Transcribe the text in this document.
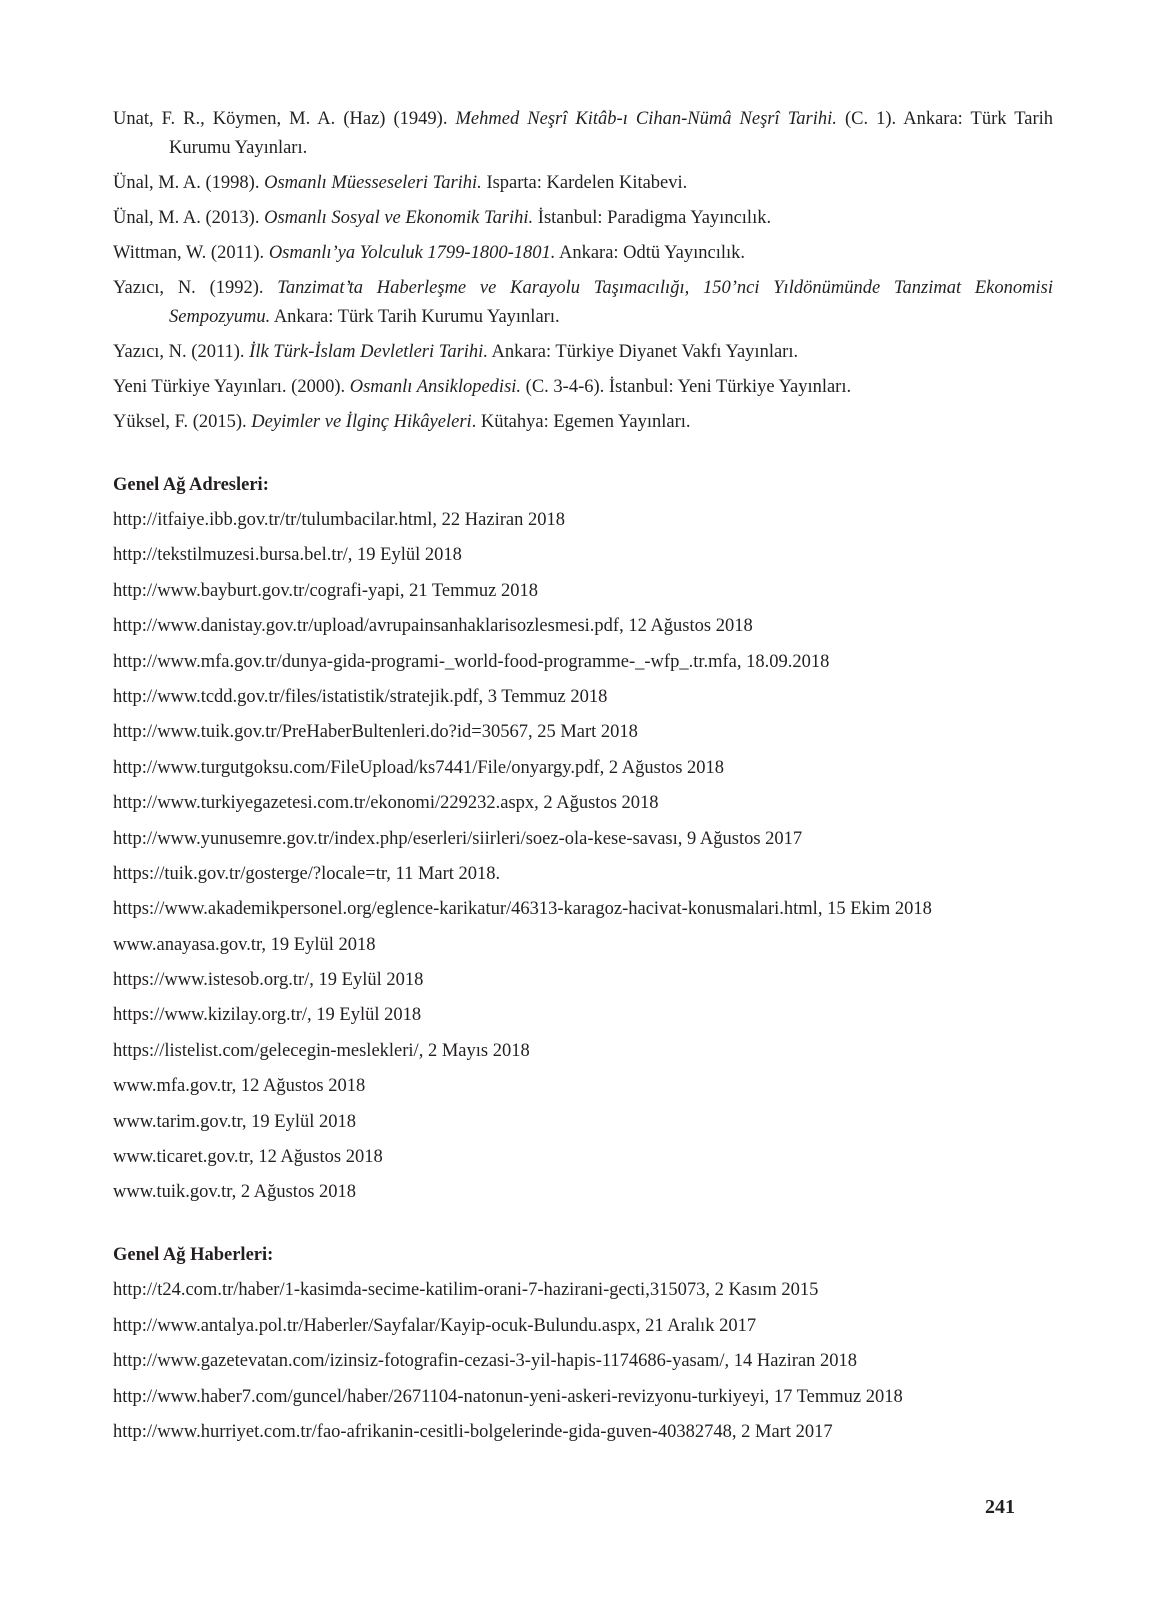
Unat, F. R., Köymen, M. A. (Haz) (1949). Mehmed Neşrî Kitâb-ı Cihan-Nümâ Neşrî Tarihi. (C. 1). Ankara: Türk Tarih Kurumu Yayınları.

Ünal, M. A. (1998). Osmanlı Müesseseleri Tarihi. Isparta: Kardelen Kitabevi.

Ünal, M. A. (2013). Osmanlı Sosyal ve Ekonomik Tarihi. İstanbul: Paradigma Yayıncılık.

Wittman, W. (2011). Osmanlı’ya Yolculuk 1799-1800-1801. Ankara: Odtü Yayıncılık.

Yazıcı, N. (1992). Tanzimat’ta Haberleşme ve Karayolu Taşımacılığı, 150’nci Yıldönümünde Tanzimat Ekonomisi Sempozyumu. Ankara: Türk Tarih Kurumu Yayınları.

Yazıcı, N. (2011). İlk Türk-İslam Devletleri Tarihi. Ankara: Türkiye Diyanet Vakfı Yayınları.

Yeni Türkiye Yayınları. (2000). Osmanlı Ansiklopedisi. (C. 3-4-6). İstanbul: Yeni Türkiye Yayınları.

Yüksel, F. (2015). Deyimler ve İlginç Hikâyeleri. Kütahya: Egemen Yayınları.

Genel Ağ Adresleri:
http://itfaiye.ibb.gov.tr/tr/tulumbacilar.html, 22 Haziran 2018
http://tekstilmuzesi.bursa.bel.tr/, 19 Eylül 2018
http://www.bayburt.gov.tr/cografi-yapi, 21 Temmuz 2018
http://www.danistay.gov.tr/upload/avrupainsanhaklarisozlesmesi.pdf, 12 Ağustos 2018
http://www.mfa.gov.tr/dunya-gida-programi-_world-food-programme-_-wfp_.tr.mfa, 18.09.2018
http://www.tcdd.gov.tr/files/istatistik/stratejik.pdf, 3 Temmuz 2018
http://www.tuik.gov.tr/PreHaberBultenleri.do?id=30567, 25 Mart 2018
http://www.turgutgoksu.com/FileUpload/ks7441/File/onyargy.pdf, 2 Ağustos 2018
http://www.turkiyegazetesi.com.tr/ekonomi/229232.aspx, 2 Ağustos 2018
http://www.yunusemre.gov.tr/index.php/eserleri/siirleri/soez-ola-kese-savası, 9 Ağustos 2017
https://tuik.gov.tr/gosterge/?locale=tr, 11 Mart 2018.
https://www.akademikpersonel.org/eglence-karikatur/46313-karagoz-hacivat-konusmalari.html, 15 Ekim 2018
www.anayasa.gov.tr, 19 Eylül 2018
https://www.istesob.org.tr/, 19 Eylül 2018
https://www.kizilay.org.tr/, 19 Eylül 2018
https://listelist.com/gelecegin-meslekleri/, 2 Mayıs 2018
www.mfa.gov.tr, 12 Ağustos 2018
www.tarim.gov.tr, 19 Eylül 2018
www.ticaret.gov.tr, 12 Ağustos 2018
www.tuik.gov.tr, 2 Ağustos 2018
Genel Ağ Haberleri:
http://t24.com.tr/haber/1-kasimda-secime-katilim-orani-7-hazirani-gecti,315073, 2 Kasım 2015
http://www.antalya.pol.tr/Haberler/Sayfalar/Kayip-ocuk-Bulundu.aspx, 21 Aralık 2017
http://www.gazetevatan.com/izinsiz-fotografin-cezasi-3-yil-hapis-1174686-yasam/, 14 Haziran 2018
http://www.haber7.com/guncel/haber/2671104-natonun-yeni-askeri-revizyonu-turkiyeyi, 17 Temmuz 2018
http://www.hurriyet.com.tr/fao-afrikanin-cesitli-bolgelerinde-gida-guven-40382748, 2 Mart 2017
241
